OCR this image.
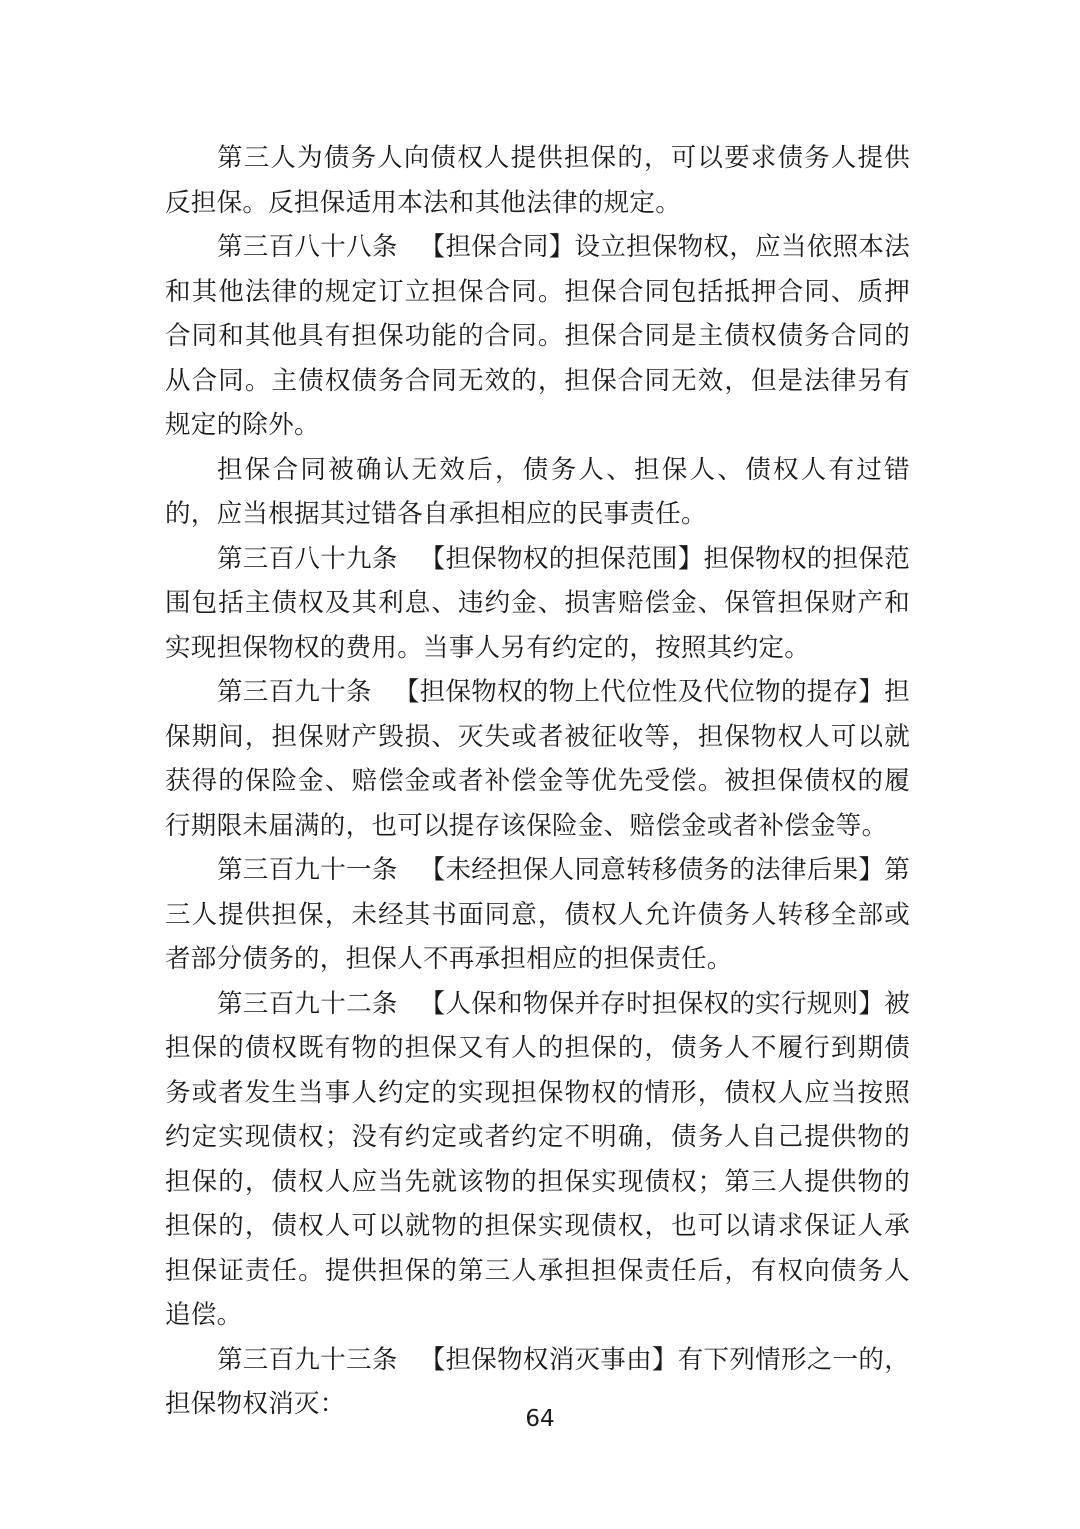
第三人为债务人向债权人提供担保的，可以要求债务人提供反担保。反担保适用本法和其他法律的规定。

第三百八十八条 【担保合同】设立担保物权，应当依照本法和其他法律的规定订立担保合同。担保合同包括抵押合同、质押合同和其他具有担保功能的合同。担保合同是主债权债务合同的从合同。主债权债务合同无效的，担保合同无效，但是法律另有规定的除外。

担保合同被确认无效后，债务人、担保人、债权人有过错的，应当根据其过错各自承担相应的民事责任。

第三百八十九条 【担保物权的担保范围】担保物权的担保范围包括主债权及其利息、违约金、损害赔偿金、保管担保财产和实现担保物权的费用。当事人另有约定的，按照其约定。

第三百九十条 【担保物权的物上代位性及代位物的提存】担保期间，担保财产毁损、灭失或者被征收等，担保物权人可以就获得的保险金、赔偿金或者补偿金等优先受偿。被担保债权的履行期限未届满的，也可以提存该保险金、赔偿金或者补偿金等。

第三百九十一条 【未经担保人同意转移债务的法律后果】第三人提供担保，未经其书面同意，债权人允许债务人转移全部或者部分债务的，担保人不再承担相应的担保责任。

第三百九十二条 【人保和物保并存时担保权的实行规则】被担保的债权既有物的担保又有人的担保的，债务人不履行到期债务或者发生当事人约定的实现担保物权的情形，债权人应当按照约定实现债权；没有约定或者约定不明确，债务人自己提供物的担保的，债权人应当先就该物的担保实现债权；第三人提供物的担保的，债权人可以就物的担保实现债权，也可以请求保证人承担保证责任。提供担保的第三人承担担保责任后，有权向债务人追偿。

第三百九十三条 【担保物权消灭事由】有下列情形之一的，担保物权消灭：	64
